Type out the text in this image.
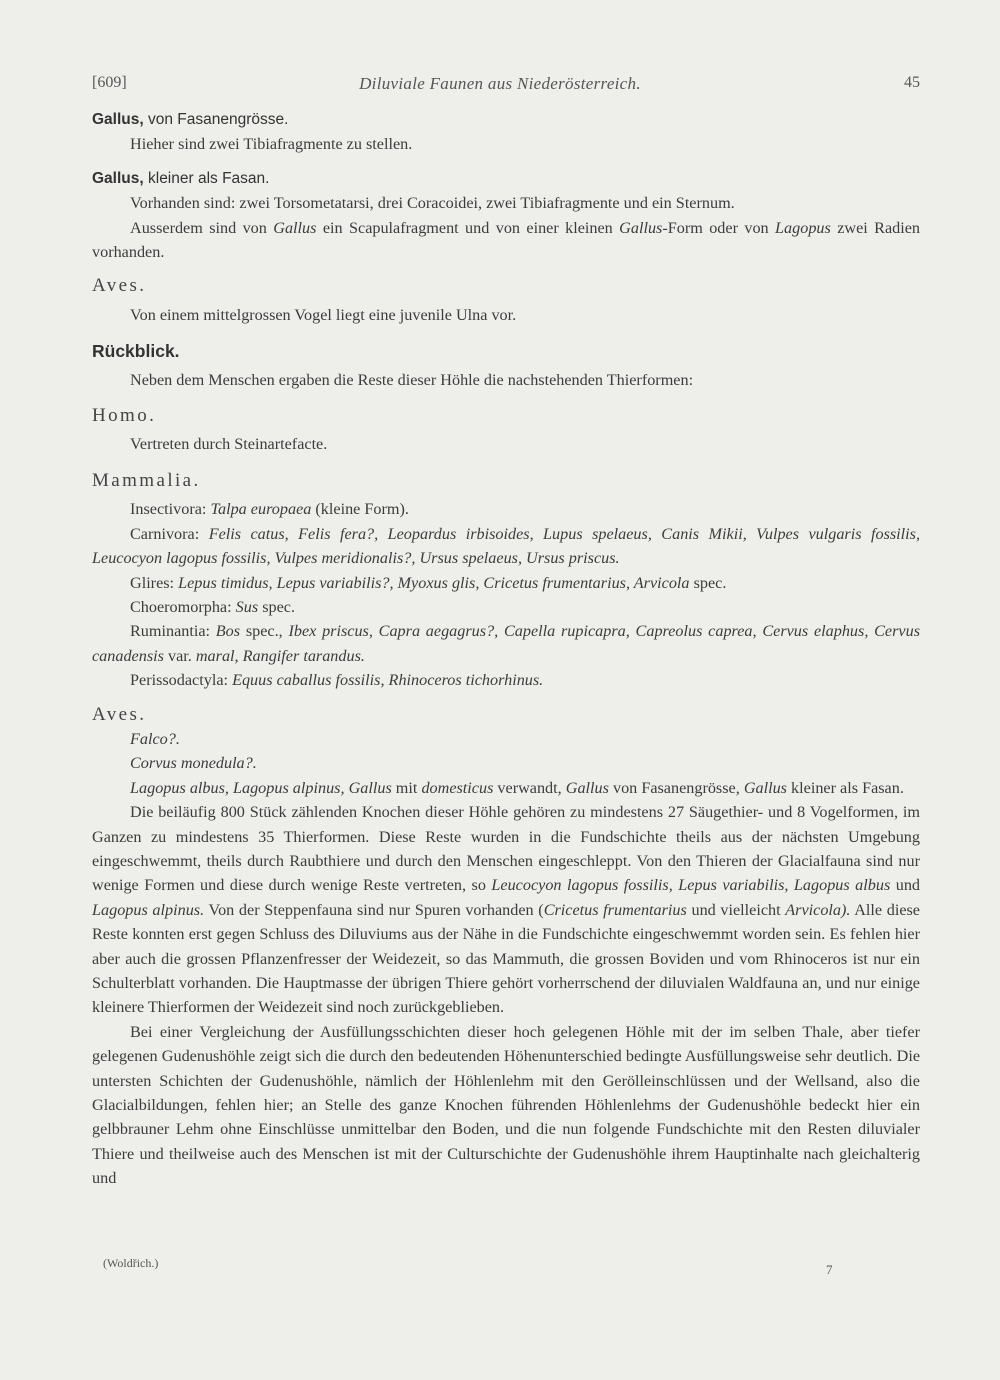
[609]	Diluviale Faunen aus Niederösterreich.	45

Gallus, von Fasanengrösse.

Hieher sind zwei Tibiafragmente zu stellen.

Gallus, kleiner als Fasan.

Vorhanden sind: zwei Torsometatarsi, drei Coracoidei, zwei Tibiafragmente und ein Sternum.

Ausserdem sind von Gallus ein Scapulafragment und von einer kleinen Gallus-Form oder von Lagopus zwei Radien vorhanden.

Aves.

Von einem mittelgrossen Vogel liegt eine juvenile Ulna vor.

Rückblick.

Neben dem Menschen ergaben die Reste dieser Höhle die nachstehenden Thierformen:

Homo.

Vertreten durch Steinartefacte.

Mammalia.

Insectivora: Talpa europaea (kleine Form).

Carnivora: Felis catus, Felis fera?, Leopardus irbisoides, Lupus spelaeus, Canis Mikii, Vulpes vulgaris fossilis, Leucocyon lagopus fossilis, Vulpes meridionalis?, Ursus spelaeus, Ursus priscus.

Glires: Lepus timidus, Lepus variabilis?, Myoxus glis, Cricetus frumentarius, Arvicola spec.

Choeromorpha: Sus spec.

Ruminantia: Bos spec., Ibex priscus, Capra aegagrus?, Capella rupicapra, Capreolus caprea, Cervus elaphus, Cervus canadensis var. maral, Rangifer tarandus.

Perissodactyla: Equus caballus fossilis, Rhinoceros tichorhinus.

Aves.

Falco?.

Corvus monedula?.

Lagopus albus, Lagopus alpinus, Gallus mit domesticus verwandt, Gallus von Fasanengrösse, Gallus kleiner als Fasan.

Die beiläufig 800 Stück zählenden Knochen dieser Höhle gehören zu mindestens 27 Säugethier- und 8 Vogelformen, im Ganzen zu mindestens 35 Thierformen. Diese Reste wurden in die Fundschichte theils aus der nächsten Umgebung eingeschwemmt, theils durch Raubthiere und durch den Menschen eingeschleppt. Von den Thieren der Glacialfauna sind nur wenige Formen und diese durch wenige Reste vertreten, so Leucocyon lagopus fossilis, Lepus variabilis, Lagopus albus und Lagopus alpinus. Von der Steppenfauna sind nur Spuren vorhanden (Cricetus frumentarius und vielleicht Arvicola). Alle diese Reste konnten erst gegen Schluss des Diluviums aus der Nähe in die Fundschichte eingeschwemmt worden sein. Es fehlen hier aber auch die grossen Pflanzenfresser der Weidezeit, so das Mammuth, die grossen Boviden und vom Rhinoceros ist nur ein Schulterblatt vorhanden. Die Hauptmasse der übrigen Thiere gehört vorherrschend der diluvialen Waldfauna an, und nur einige kleinere Thierformen der Weidezeit sind noch zurückgeblieben.

Bei einer Vergleichung der Ausfüllungsschichten dieser hoch gelegenen Höhle mit der im selben Thale, aber tiefer gelegenen Gudenushöhle zeigt sich die durch den bedeutenden Höhenunterschied bedingte Ausfüllungsweise sehr deutlich. Die untersten Schichten der Gudenushöhle, nämlich der Höhlenlehm mit den Gerölleinschlüssen und der Wellsand, also die Glacialbildungen, fehlen hier; an Stelle des ganze Knochen führenden Höhlenlehms der Gudenushöhle bedeckt hier ein gelbbrauner Lehm ohne Einschlüsse unmittelbar den Boden, und die nun folgende Fundschichte mit den Resten diluvialer Thiere und theilweise auch des Menschen ist mit der Culturschichte der Gudenushöhle ihrem Hauptinhalte nach gleichalterig und

(Woldřich.)	7
